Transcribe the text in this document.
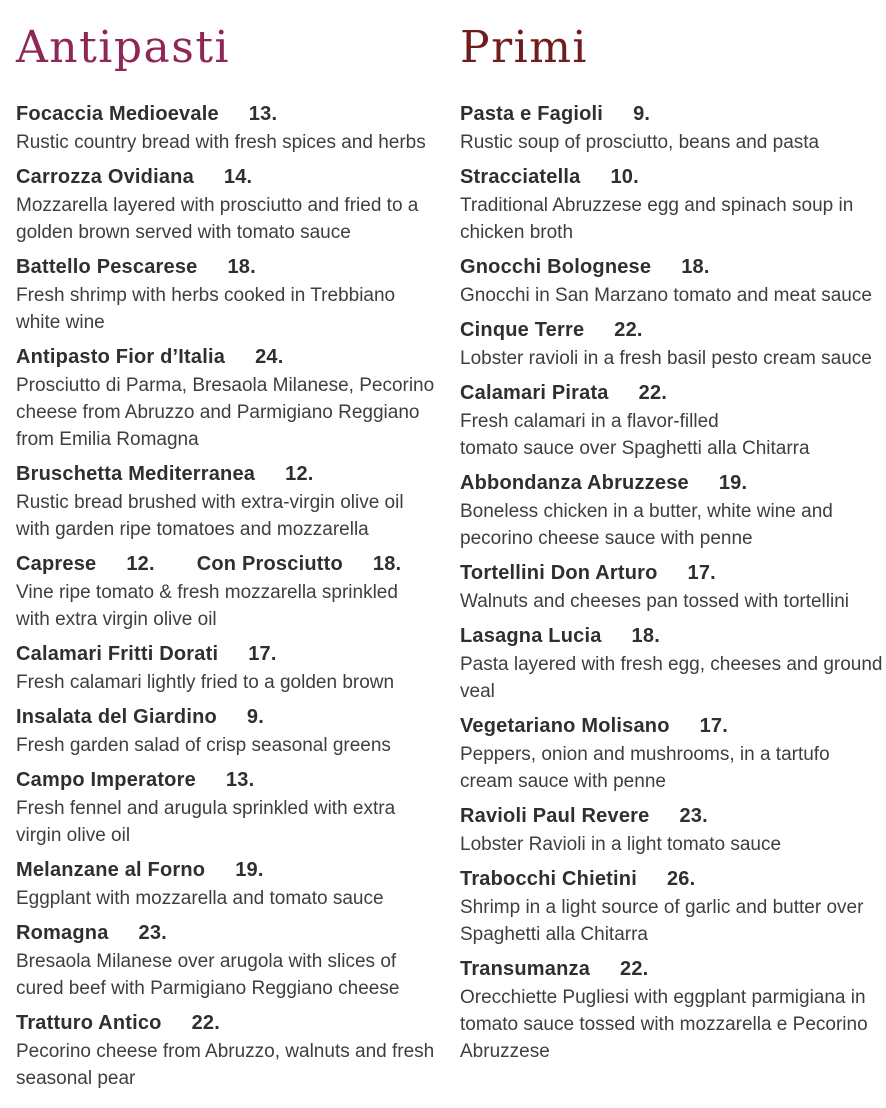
Antipasti
Focaccia Medioevale 13.
Rustic country bread with fresh spices and herbs
Carrozza Ovidiana 14.
Mozzarella layered with prosciutto and fried to a
golden brown served with tomato sauce
Battello Pescarese 18.
Fresh shrimp with herbs cooked in Trebbiano
white wine
Antipasto Fior d’Italia 24.
Prosciutto di Parma, Bresaola Milanese, Pecorino
cheese from Abruzzo and Parmigiano Reggiano
from Emilia Romagna
Bruschetta Mediterranea 12.
Rustic bread brushed with extra-virgin olive oil
with garden ripe tomatoes and mozzarella
Caprese 12. Con Prosciutto 18.
Vine ripe tomato & fresh mozzarella sprinkled
with extra virgin olive oil
Calamari Fritti Dorati 17.
Fresh calamari lightly fried to a golden brown
Insalata del Giardino 9.
Fresh garden salad of crisp seasonal greens
Campo Imperatore 13.
Fresh fennel and arugula sprinkled with extra
virgin olive oil
Melanzane al Forno 19.
Eggplant with mozzarella and tomato sauce
Romagna 23.
Bresaola Milanese over arugola with slices of
cured beef with Parmigiano Reggiano cheese
Tratturo Antico 22.
Pecorino cheese from Abruzzo, walnuts and fresh
seasonal pear
Primi
Pasta e Fagioli 9.
Rustic soup of prosciutto, beans and pasta
Stracciatella 10.
Traditional Abruzzese egg and spinach soup in
chicken broth
Gnocchi Bolognese 18.
Gnocchi in San Marzano tomato and meat sauce
Cinque Terre 22.
Lobster ravioli in a fresh basil pesto cream sauce
Calamari Pirata 22.
Fresh calamari in a flavor-filled
tomato sauce over Spaghetti alla Chitarra
Abbondanza Abruzzese 19.
Boneless chicken in a butter, white wine and
pecorino cheese sauce with penne
Tortellini Don Arturo 17.
Walnuts and cheeses pan tossed with tortellini
Lasagna Lucia 18.
Pasta layered with fresh egg, cheeses and ground
veal
Vegetariano Molisano 17.
Peppers, onion and mushrooms, in a tartufo
cream sauce with penne
Ravioli Paul Revere 23.
Lobster Ravioli in a light tomato sauce
Trabocchi Chietini 26.
Shrimp in a light source of garlic and butter over
Spaghetti alla Chitarra
Transumanza 22.
Orecchiette Pugliesi with eggplant parmigiana in
tomato sauce tossed with mozzarella e Pecorino
Abruzzese
